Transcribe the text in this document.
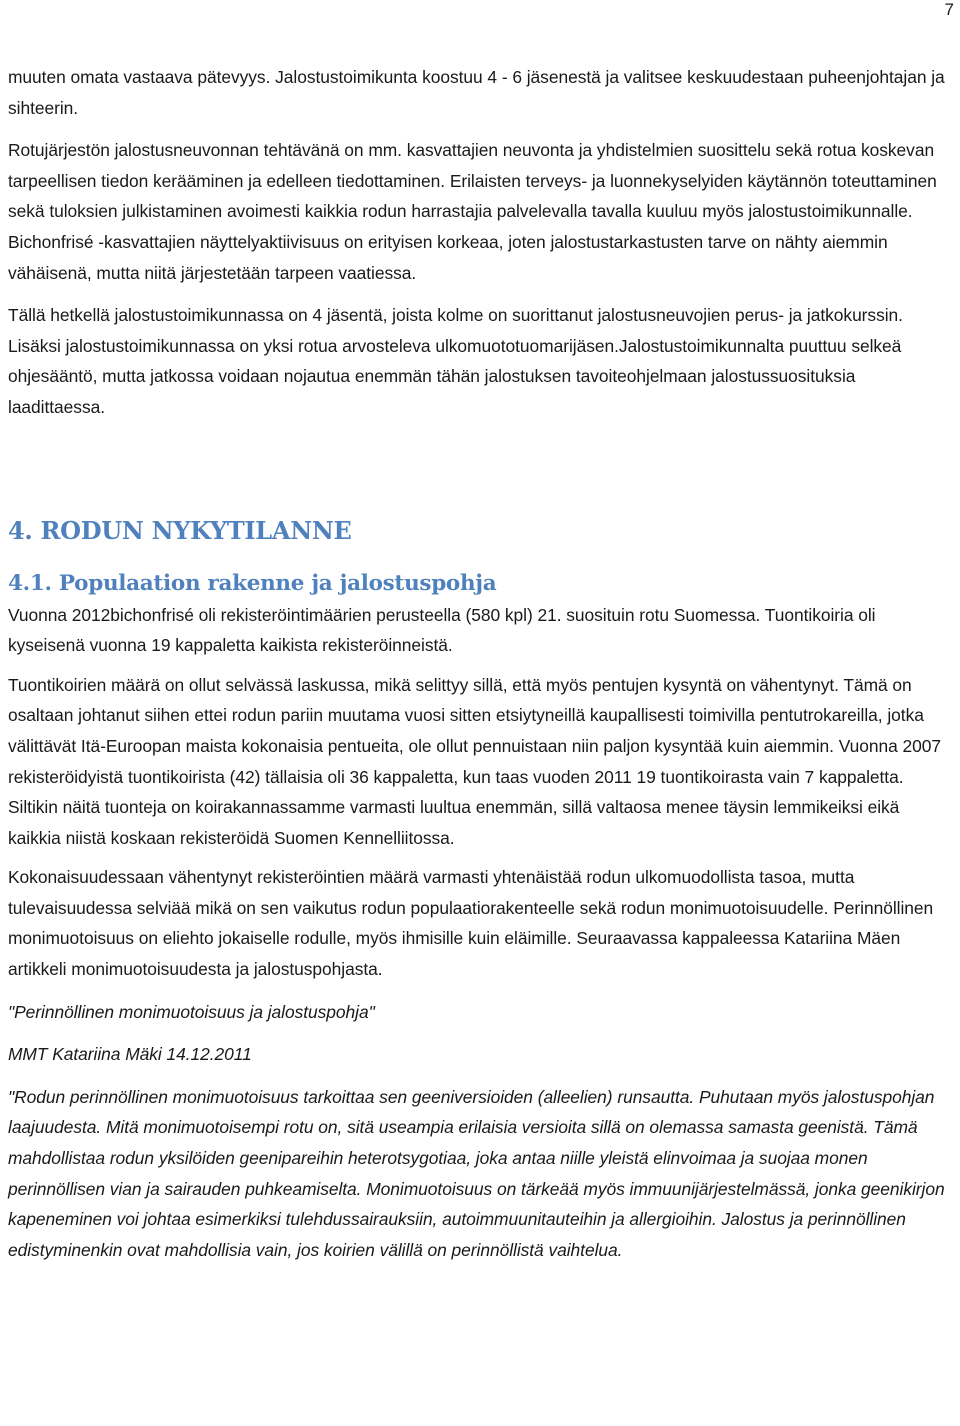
7

muuten omata vastaava pätevyys. Jalostustoimikunta koostuu 4 - 6 jäsenestä ja valitsee keskuudestaan puheenjohtajan ja sihteerin.

Rotujärjestön jalostusneuvonnan tehtävänä on mm. kasvattajien neuvonta ja yhdistelmien suosittelu sekä rotua koskevan tarpeellisen tiedon kerääminen ja edelleen tiedottaminen. Erilaisten terveys- ja luonnekyselyiden käytännön toteuttaminen sekä tuloksien julkistaminen avoimesti kaikkia rodun harrastajia palvelevalla tavalla kuuluu myös jalostustoimikunnalle. Bichonfrisé -kasvattajien näyttelyaktiivisuus on erityisen korkeaa, joten jalostustarkastusten tarve on nähty aiemmin vähäisenä, mutta niitä järjestetään tarpeen vaatiessa.

Tällä hetkellä jalostustoimikunnassa on 4 jäsentä, joista kolme on suorittanut jalostusneuvojien perus- ja jatkokurssin. Lisäksi jalostustoimikunnassa on yksi rotua arvosteleva ulkomuototuomarijäsen.Jalostustoimikunnalta puuttuu selkeä ohjesääntö, mutta jatkossa voidaan nojautua enemmän tähän jalostuksen tavoiteohjelmaan jalostussuosituksia laadittaessa.

4. RODUN NYKYTILANNE
4.1. Populaation rakenne ja jalostuspohja

Vuonna 2012bichonfrisé oli rekisteröintimäärien perusteella (580 kpl) 21. suosituin rotu Suomessa. Tuontikoiria oli kyseisenä vuonna 19 kappaletta kaikista rekisteröinneistä.

Tuontikoirien määrä on ollut selvässä laskussa, mikä selittyy sillä, että myös pentujen kysyntä on vähentynyt. Tämä on osaltaan johtanut siihen ettei rodun pariin muutama vuosi sitten etsiytyneillä kaupallisesti toimivilla pentutrokareilla, jotka välittävät Itä-Euroopan maista kokonaisia pentueita, ole ollut pennuistaan niin paljon kysyntää kuin aiemmin. Vuonna 2007 rekisteröidyistä tuontikoirista (42) tällaisia oli 36 kappaletta, kun taas vuoden 2011 19 tuontikoirasta vain 7 kappaletta. Siltikin näitä tuonteja on koirakannassamme varmasti luultua enemmän, sillä valtaosa menee täysin lemmikeiksi eikä kaikkia niistä koskaan rekisteröidä Suomen Kennelliitossa.

Kokonaisuudessaan vähentynyt rekisteröintien määrä varmasti yhtenäistää rodun ulkomuodollista tasoa, mutta tulevaisuudessa selviää mikä on sen vaikutus rodun populaatiorakenteelle sekä rodun monimuotoisuudelle. Perinnöllinen monimuotoisuus on eliehto jokaiselle rodulle, myös ihmisille kuin eläimille. Seuraavassa kappaleessa Katariina Mäen artikkeli monimuotoisuudesta ja jalostuspohjasta.

"Perinnöllinen monimuotoisuus ja jalostuspohja"

MMT Katariina Mäki 14.12.2011

"Rodun perinnöllinen monimuotoisuus tarkoittaa sen geeniversioiden (alleelien) runsautta. Puhutaan myös jalostuspohjan laajuudesta. Mitä monimuotoisempi rotu on, sitä useampia erilaisia versioita sillä on olemassa samasta geenistä. Tämä mahdollistaa rodun yksilöiden geenipareihin heterotsygotiaa, joka antaa niille yleistä elinvoimaa ja suojaa monen perinnöllisen vian ja sairauden puhkeamiselta. Monimuotoisuus on tärkeää myös immuunijärjestelmässä, jonka geenikirjon kapeneminen voi johtaa esimerkiksi tulehdussairauksiin, autoimmuunitauteihin ja allergioihin. Jalostus ja perinnöllinen edistyminenkin ovat mahdollisia vain, jos koirien välillä on perinnöllistä vaihtelua.
